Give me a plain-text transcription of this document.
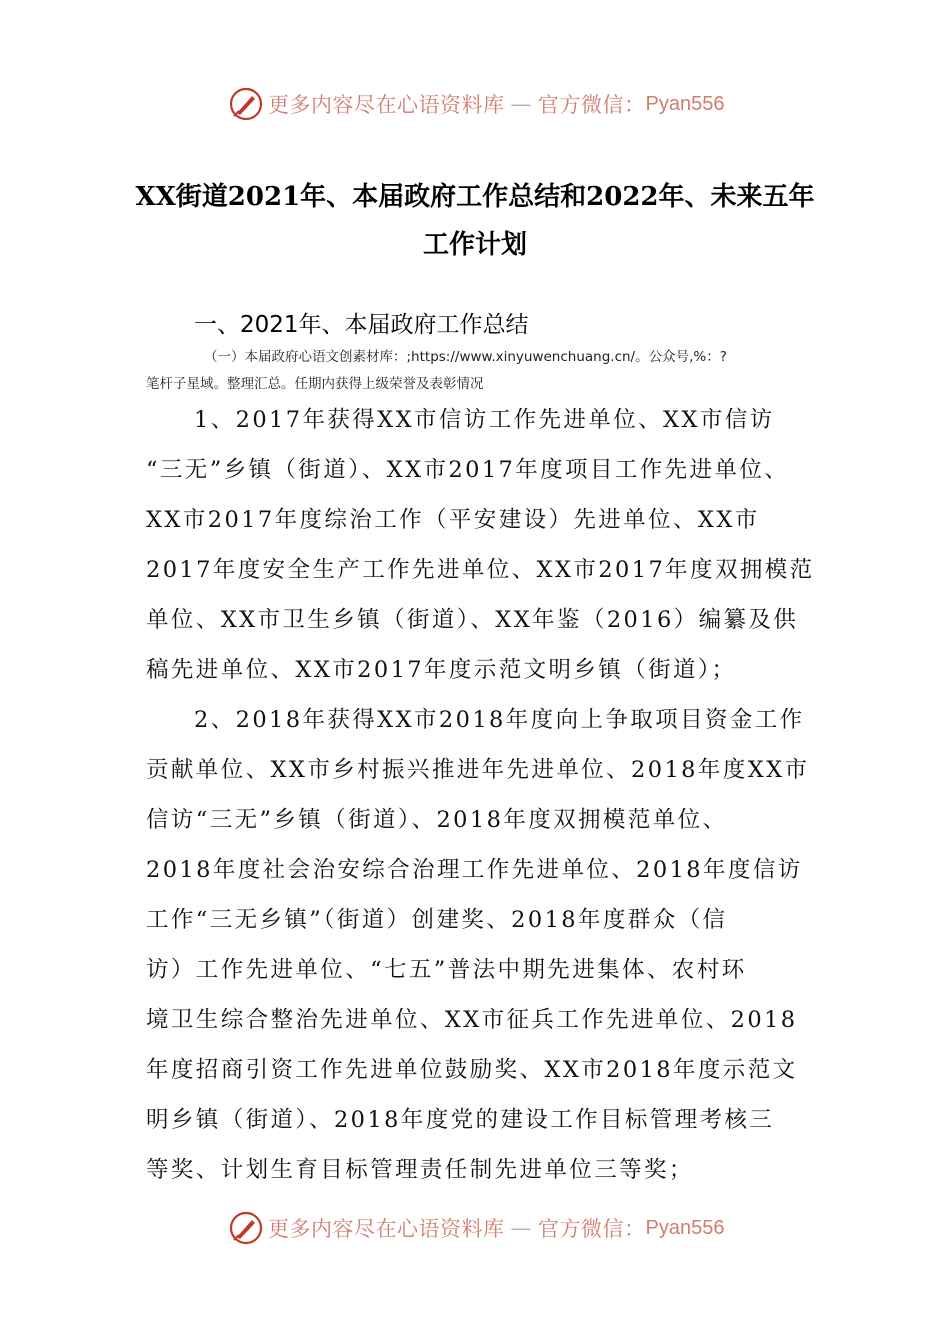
更多内容尽在心语资料库 — 官方微信： Pyan556
XX街道2021年、本届政府工作总结和2022年、未来五年
工作计划
一、2021年、本届政府工作总结
（一）本届政府心语文创素材库：;https://www.xinyuwenchuang.cn/。公众号,%：?
笔杆子星域。整理汇总。任期内获得上级荣誉及表彰情况
1、2017年获得XX市信访工作先进单位、XX市信访
“三无”乡镇（街道）、XX市2017年度项目工作先进单位、
XX市2017年度综治工作（平安建设）先进单位、XX市
2017年度安全生产工作先进单位、XX市2017年度双拥模范
单位、XX市卫生乡镇（街道）、XX年鉴（2016）编纂及供
稿先进单位、XX市2017年度示范文明乡镇（街道）；
2、2018年获得XX市2018年度向上争取项目资金工作
贡献单位、XX市乡村振兴推进年先进单位、2018年度XX市
信访“三无”乡镇（街道）、2018年度双拥模范单位、
2018年度社会治安综合治理工作先进单位、2018年度信访
工作“三无乡镇”（街道）创建奖、2018年度群众（信
访）工作先进单位、“七五”普法中期先进集体、农村环
境卫生综合整治先进单位、XX市征兵工作先进单位、2018
年度招商引资工作先进单位鼓励奖、XX市2018年度示范文
明乡镇（街道）、2018年度党的建设工作目标管理考核三
等奖、计划生育目标管理责任制先进单位三等奖；
更多内容尽在心语资料库 — 官方微信： Pyan556
